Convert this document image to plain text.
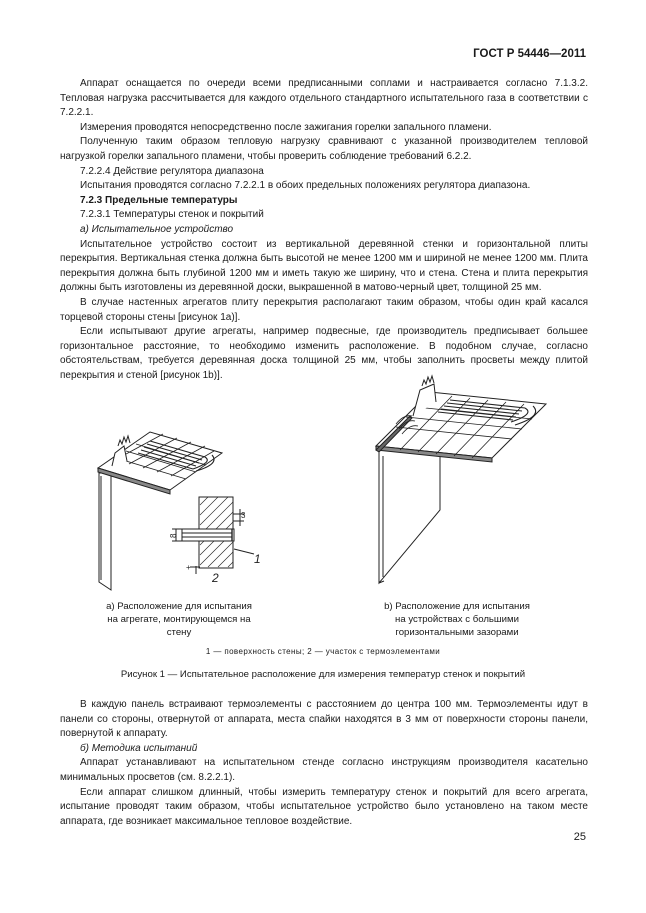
ГОСТ Р 54446—2011

Аппарат оснащается по очереди всеми предписанными соплами и настраивается согласно 7.1.3.2. Тепловая нагрузка рассчитывается для каждого отдельного стандартного испытательного газа в соответствии с 7.2.2.1.

Измерения проводятся непосредственно после зажигания горелки запального пламени.

Полученную таким образом тепловую нагрузку сравнивают с указанной производителем тепловой нагрузкой горелки запального пламени, чтобы проверить соблюдение требований 6.2.2.

7.2.2.4 Действие регулятора диапазона

Испытания проводятся согласно 7.2.2.1 в обоих предельных положениях регулятора диапазона.

7.2.3 Предельные температуры

7.2.3.1 Температуры стенок и покрытий

а) Испытательное устройство

Испытательное устройство состоит из вертикальной деревянной стенки и горизонтальной плиты перекрытия. Вертикальная стенка должна быть высотой не менее 1200 мм и шириной не менее 1200 мм. Плита перекрытия должна быть глубиной 1200 мм и иметь такую же ширину, что и стена. Стена и плита перекрытия должны быть изготовлены из деревянной доски, выкрашенной в матово-черный цвет, толщиной 25 мм.

В случае настенных агрегатов плиту перекрытия располагают таким образом, чтобы один край касался торцевой стороны стены [рисунок 1а)].

Если испытывают другие агрегаты, например подвесные, где производитель предписывает большее горизонтальное расстояние, то необходимо изменить расположение. В подобном случае, согласно обстоятельствам, требуется деревянная доска толщиной 25 мм, чтобы заполнить просветы между плитой перекрытия и стеной [рисунок 1b)].

3
8
1
2
+
а) Расположение для испытания
на агрегате, монтирующемся на
стену
b) Расположение для испытания
на устройствах с большими
горизонтальными зазорами
1 — поверхность стены; 2 — участок с термоэлементами
Рисунок 1 — Испытательное расположение для измерения температур стенок и покрытий

В каждую панель встраивают термоэлементы с расстоянием до центра 100 мм. Термоэлементы идут в панели со стороны, отвернутой от аппарата, места спайки находятся в 3 мм от поверхности стороны панели, повернутой к аппарату.

б) Методика испытаний

Аппарат устанавливают на испытательном стенде согласно инструкциям производителя касательно минимальных просветов (см. 8.2.2.1).

Если аппарат слишком длинный, чтобы измерить температуру стенок и покрытий для всего агрегата, испытание проводят таким образом, чтобы испытательное устройство было установлено на таком месте аппарата, где возникает максимальное тепловое воздействие.

25
